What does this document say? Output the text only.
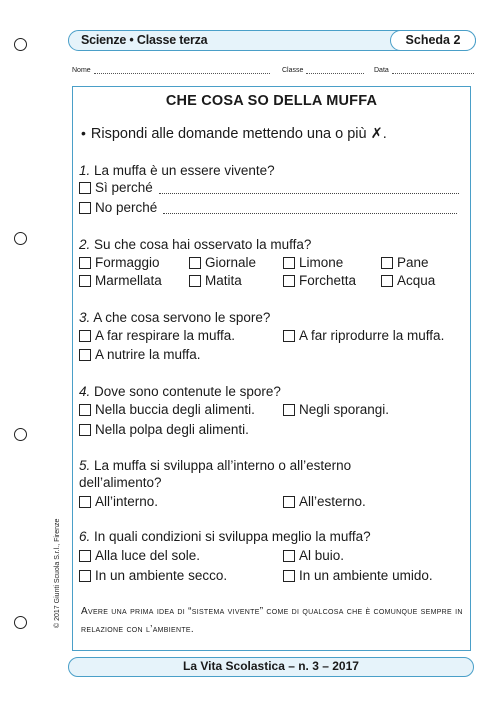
Scienze • Classe terza	Scheda 2
Nome	Classe	Data
CHE COSA SO DELLA MUFFA
• Rispondi alle domande mettendo una o più ✗.
1. La muffa è un essere vivente?
Sì perché
No perché
2. Su che cosa hai osservato la muffa?
Formaggio	Giornale	Limone	Pane
Marmellata	Matita	Forchetta	Acqua
3. A che cosa servono le spore?
A far respirare la muffa.	A far riprodurre la muffa.
A nutrire la muffa.
4. Dove sono contenute le spore?
Nella buccia degli alimenti.	Negli sporangi.
Nella polpa degli alimenti.
5. La muffa si sviluppa all’interno o all’esterno
dell’alimento?
All’interno.	All’esterno.
6. In quali condizioni si sviluppa meglio la muffa?
Alla luce del sole.	Al buio.
In un ambiente secco.	In un ambiente umido.
Avere una prima idea di “sistema vivente” come di qualcosa che è comunque sempre in relazione con l’ambiente.
© 2017 Giunti Scuola S.r.l., Firenze
La Vita Scolastica – n. 3 – 2017
